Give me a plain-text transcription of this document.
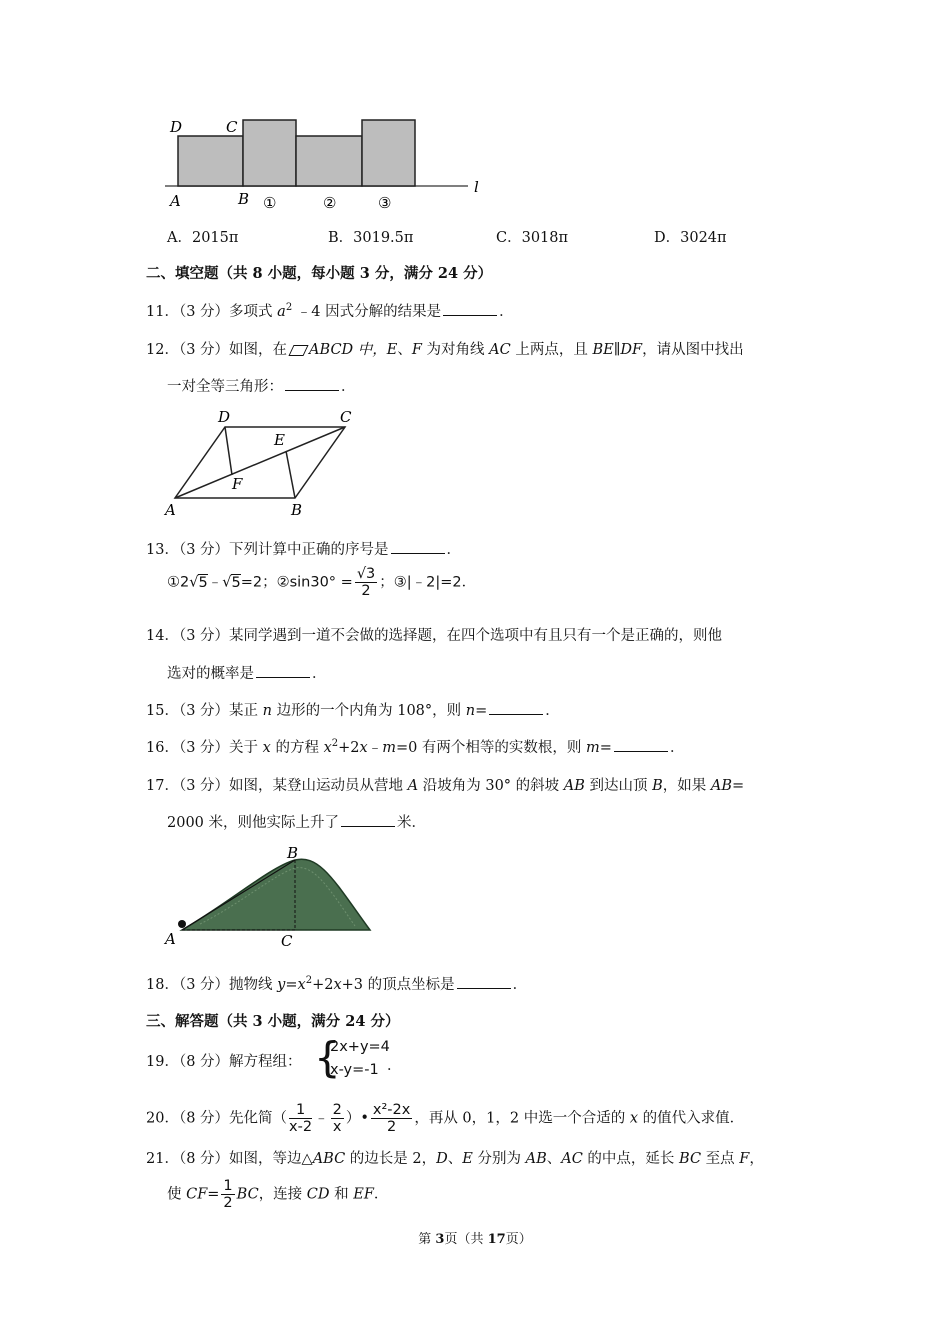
D	C
A	B
l
①	②	③
A．2015π	B．3019.5π	C．3018π	D．3024π
二、填空题（共 8 小题，每小题 3 分，满分 24 分）
11．（3 分）多项式 $a^2$ ﹣4 因式分解的结果是	．
12．（3 分）如图，在 ABCD 中，E、F 为对角线 AC 上两点，且 BE∥DF，请从图中找出
一对全等三角形：	．
D	C
E
F
A	B
13．（3 分）下列计算中正确的序号是	．
①2√5﹣√5=2；②sin30° = $\frac{√3}{2}$ ；③|﹣2|=2．
14．（3 分）某同学遇到一道不会做的选择题，在四个选项中有且只有一个是正确的，则他
选对的概率是	．
15．（3 分）某正 n 边形的一个内角为 108°，则 n=	．
16．（3 分）关于 x 的方程 $x^2+2x﹣m=0$ 有两个相等的实数根，则 m=	．
17．（3 分）如图，某登山运动员从营地 A 沿坡角为 30° 的斜坡 AB 到达山顶 B，如果 AB=
2000 米，则他实际上升了	米．
A
B
C
18．（3 分）抛物线 $y=x^2+2x+3$ 的顶点坐标是	．
三、解答题（共 3 小题，满分 24 分）
19．（8 分）解方程组： {
2x+y=4
x-y=-1 ．
20．（8 分）先化简（ $\frac{1}{x-2}$ ﹣ $\frac{2}{x}$ ）• $\frac{\text{x²-2x}}{2}$ ，再从 0，1，2 中选一个合适的 x 的值代入求值．
21．（8 分）如图，等边△ABC 的边长是 2，D、E 分别为 AB、AC 的中点，延长 BC 至点 F，
使 $CF= \frac{1}{2}$ BC，连接 CD 和 EF．
第 3页（共 17页）
